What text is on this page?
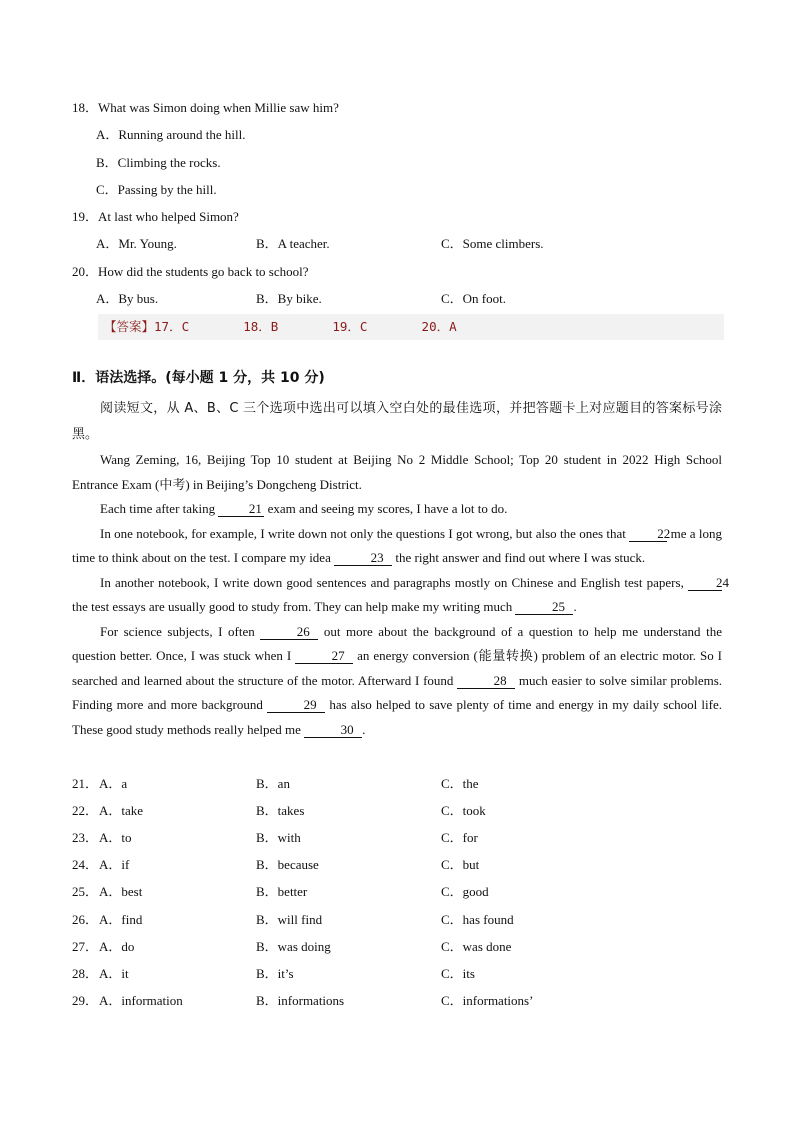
18．What was Simon doing when Millie saw him?
A．Running around the hill.
B．Climbing the rocks.
C．Passing by the hill.
19．At last who helped Simon?
A．Mr. Young.	B．A teacher.	C．Some climbers.
20．How did the students go back to school?
A．By bus.	B．By bike.	C．On foot.
【答案】17．C    18．B    19．C    20．A
Ⅱ．语法选择。(每小题 1 分，共 10 分)

阅读短文，从 A、B、C 三个选项中选出可以填入空白处的最佳选项，并把答题卡上对应题目的答案标号涂黑。

Wang Zeming, 16, Beijing Top 10 student at Beijing No 2 Middle School; Top 20 student in 2022 High School Entrance Exam (中考) in Beijing’s Dongcheng District.

Each time after taking	21 exam and seeing my scores, I have a lot to do.

In one notebook, for example, I write down not only the questions I got wrong, but also the ones that 22 me a long time to think about on the test. I compare my idea	23 the right answer and find out where I was stuck.

In another notebook, I write down good sentences and paragraphs mostly on Chinese and English test papers, 24 the test essays are usually good to study from. They can help make my writing much	25 .

For science subjects, I often	26 out more about the background of a question to help me understand the question better. Once, I was stuck when I	27 an energy conversion (能量转换) problem of an electric motor. So I searched and learned about the structure of the motor. Afterward I found	28 much easier to solve similar problems. Finding more and more background	29 has also helped to save plenty of time and energy in my daily school life. These good study methods really helped me	30 .

21． A．a	B．an	C．the
22． A．take	B．takes	C．took
23． A．to	B．with	C．for
24． A．if	B．because	C．but
25． A．best	B．better	C．good
26． A．find	B．will find	C．has found
27． A．do	B．was doing	C．was done
28． A．it	B．it’s	C．its
29． A．information	B．informations	C．informations’
